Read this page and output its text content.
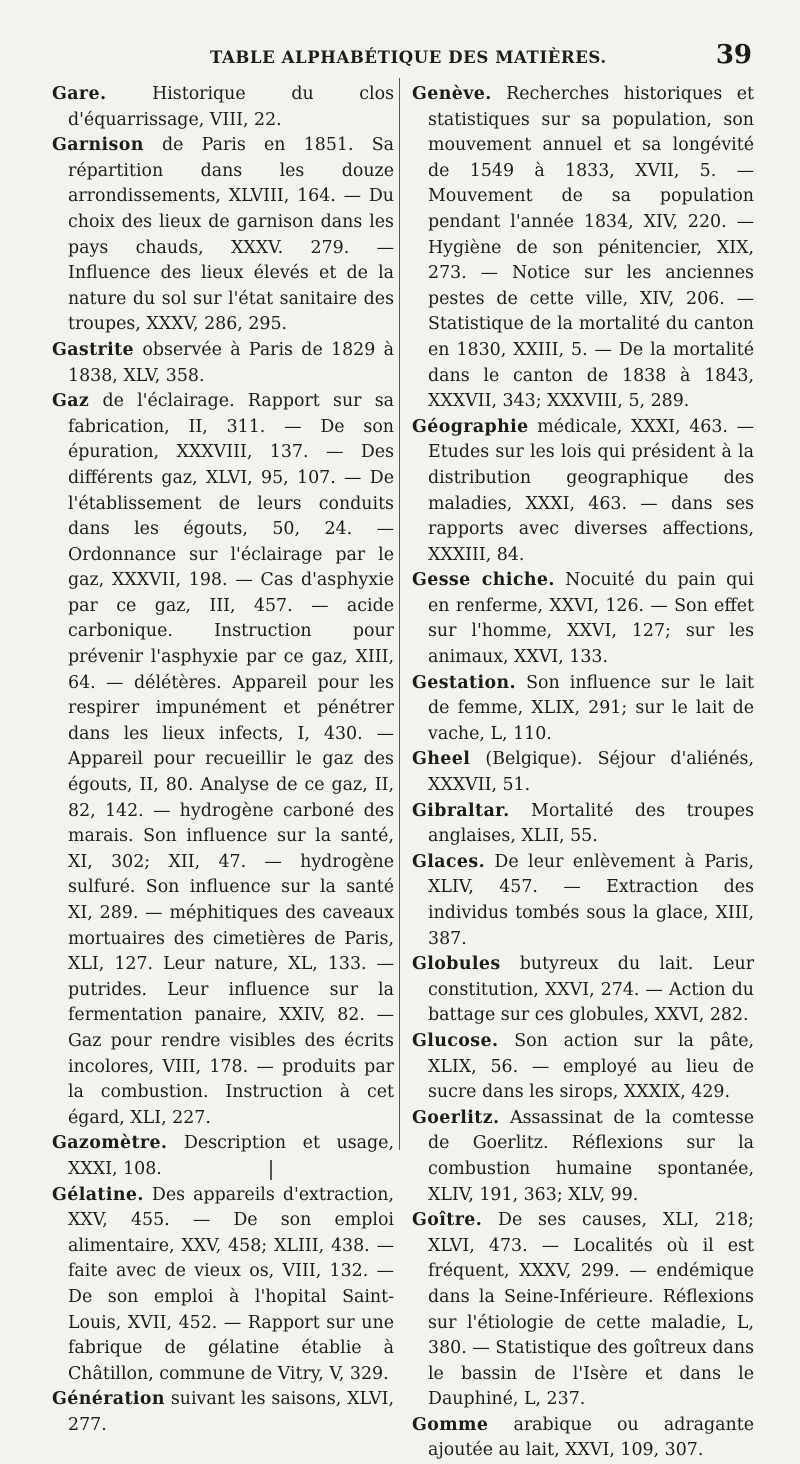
TABLE ALPHABÉTIQUE DES MATIÈRES.	39

Gare.	Historique du clos d'équarrissage, VIII, 22.

Garnison de Paris en 1851. Sa répartition dans les douze arrondissements, XLVIII, 164. — Du choix des lieux de garnison dans les pays chauds, XXXV. 279. — Influence des lieux élevés et de la nature du sol sur l'état sanitaire des troupes, XXXV, 286, 295.

Gastrite observée à Paris de 1829 à 1838, XLV, 358.

Gaz de l'éclairage. Rapport sur sa fabrication, II, 311. — De son épuration, XXXVIII, 137. — Des différents gaz, XLVI, 95, 107. — De l'établissement de leurs conduits dans les égouts, 50, 24. — Ordonnance sur l'éclairage par le gaz, XXXVII, 198. — Cas d'asphyxie par ce gaz, III, 457. — acide carbonique. Instruction pour prévenir l'asphyxie par ce gaz, XIII, 64. — délétères. Appareil pour les respirer impunément et pénétrer dans les lieux infects, I, 430. — Appareil pour recueillir le gaz des égouts, II, 80. Analyse de ce gaz, II, 82, 142. — hydrogène carboné des marais. Son influence sur la santé, XI, 302; XII, 47. — hydrogène sulfuré. Son influence sur la santé XI, 289. — méphitiques des caveaux mortuaires des cimetières de Paris, XLI, 127. Leur nature, XL, 133. — putrides. Leur influence sur la fermentation panaire, XXIV, 82. — Gaz pour rendre visibles des écrits incolores, VIII, 178. — produits par la combustion. Instruction à cet égard, XLI, 227.

Gazomètre. Description et usage, XXXI, 108.

Gélatine. Des appareils d'extraction, XXV, 455. — De son emploi alimentaire, XXV, 458; XLIII, 438. — faite avec de vieux os, VIII, 132. — De son emploi à l'hopital Saint-Louis, XVII, 452. — Rapport sur une fabrique de gélatine établie à Châtillon, commune de Vitry, V, 329.

Génération suivant les saisons, XLVI, 277.

Genève. Recherches historiques et statistiques sur sa population, son mouvement annuel et sa longévité de 1549 à 1833, XVII, 5. — Mouvement de sa population pendant l'année 1834, XIV, 220. — Hygiène de son pénitencier, XIX, 273. — Notice sur les anciennes pestes de cette ville, XIV, 206. — Statistique de la mortalité du canton en 1830, XXIII, 5. — De la mortalité dans le canton de 1838 à 1843, XXXVII, 343; XXXVIII, 5, 289.

Géographie médicale, XXXI, 463. — Etudes sur les lois qui président à la distribution geographique des maladies, XXXI, 463. — dans ses rapports avec diverses affections, XXXIII, 84.

Gesse chiche. Nocuité du pain qui en renferme, XXVI, 126. — Son effet sur l'homme, XXVI, 127; sur les animaux, XXVI, 133.

Gestation. Son influence sur le lait de femme, XLIX, 291; sur le lait de vache, L, 110.

Gheel (Belgique). Séjour d'aliénés, XXXVII, 51.

Gibraltar. Mortalité des troupes anglaises, XLII, 55.

Glaces. De leur enlèvement à Paris, XLIV, 457. — Extraction des individus tombés sous la glace, XIII, 387.

Globules butyreux du lait. Leur constitution, XXVI, 274. — Action du battage sur ces globules, XXVI, 282.

Glucose. Son action sur la pâte, XLIX, 56. — employé au lieu de sucre dans les sirops, XXXIX, 429.

Goerlitz. Assassinat de la comtesse de Goerlitz. Réflexions sur la combustion humaine spontanée, XLIV, 191, 363; XLV, 99.

Goître. De ses causes, XLI, 218; XLVI, 473. — Localités où il est fréquent, XXXV, 299. — endémique dans la Seine-Inférieure. Réflexions sur l'étiologie de cette maladie, L, 380. — Statistique des goîtreux dans le bassin de l'Isère et dans le Dauphiné, L, 237.

Gomme arabique ou adragante ajoutée au lait, XXVI, 109, 307.
